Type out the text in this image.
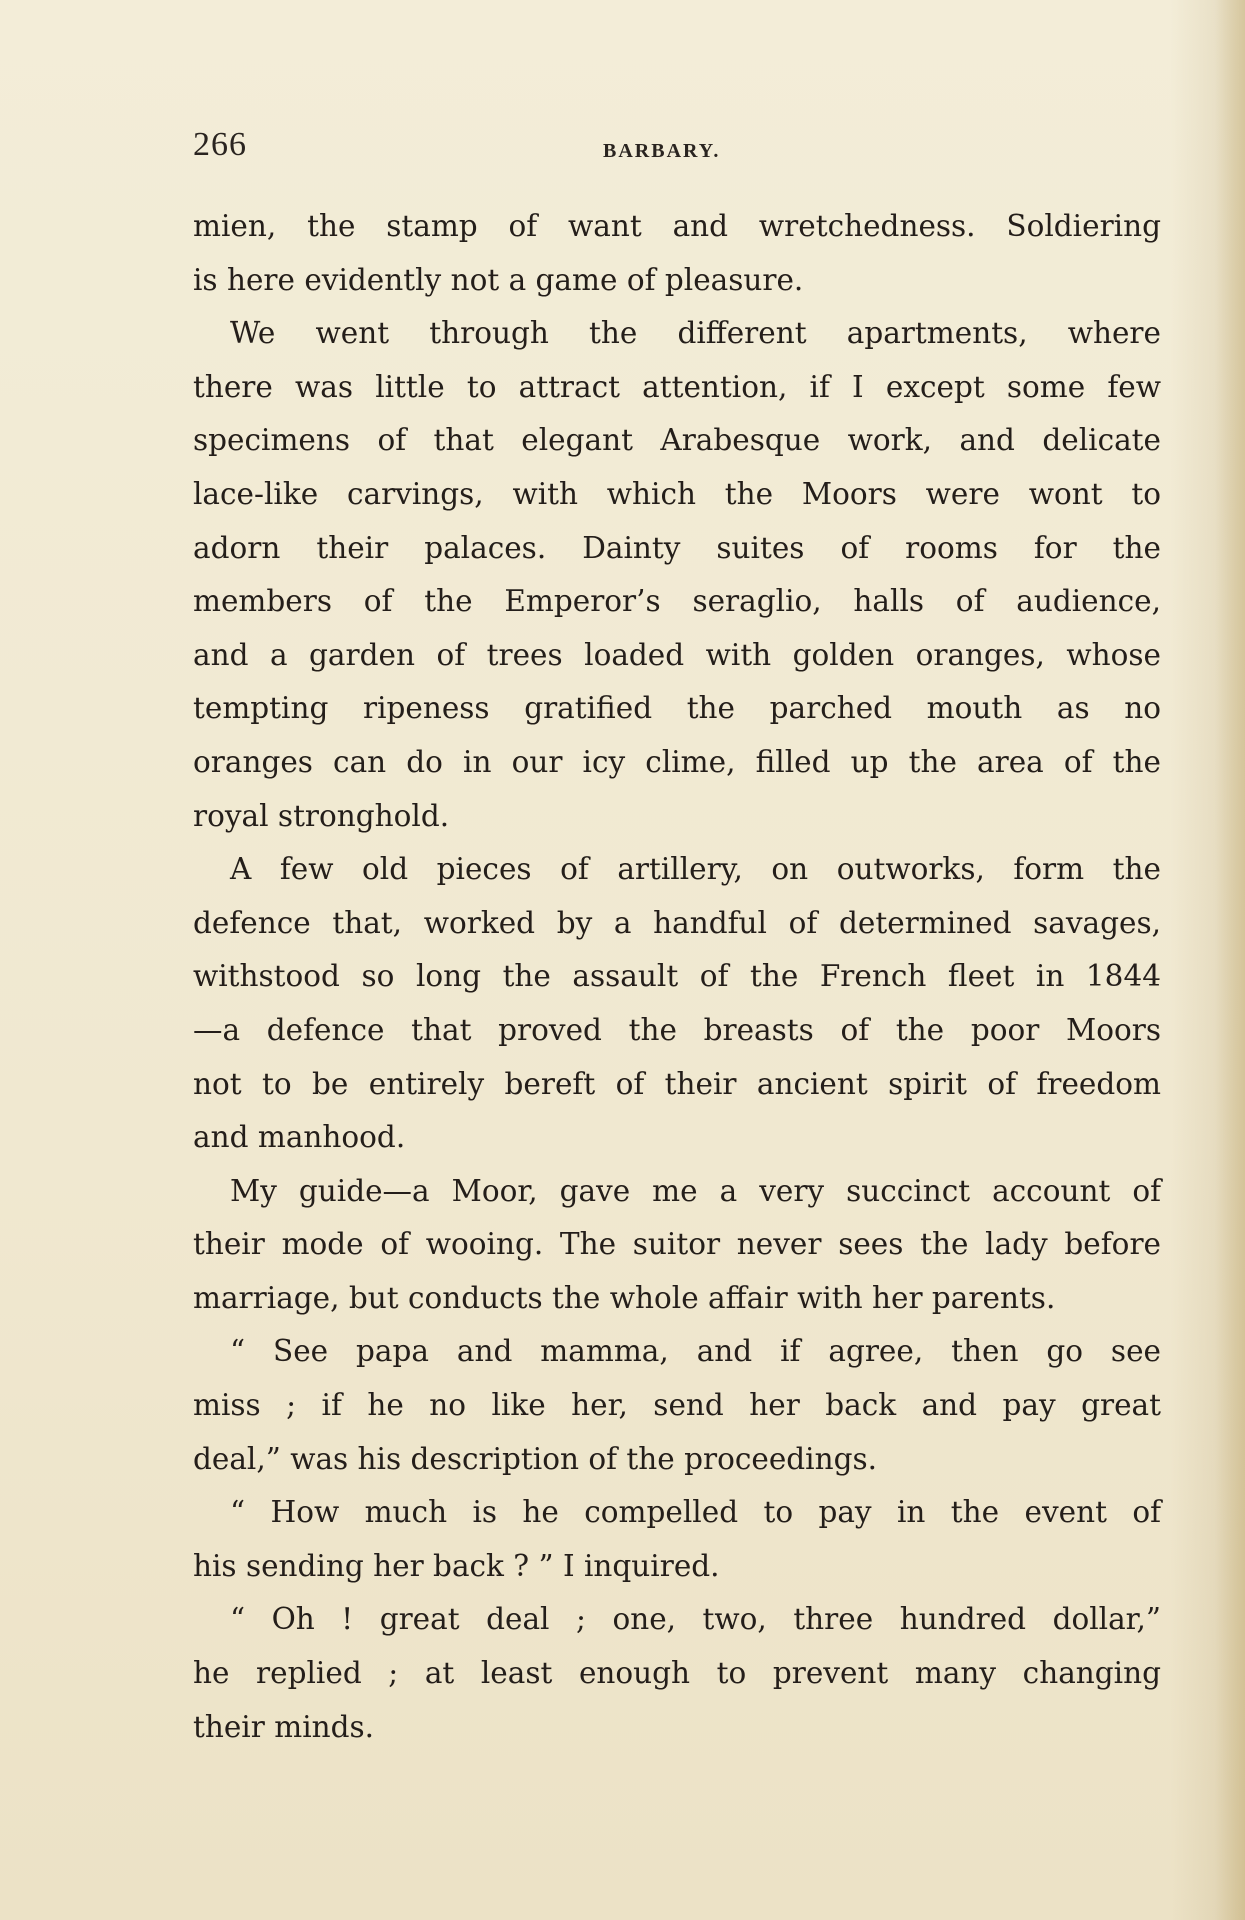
266	BARBARY.
mien, the stamp of want and wretchedness. Soldiering
is here evidently not a game of pleasure.
We went through the different apartments, where
there was little to attract attention, if I except some few
specimens of that elegant Arabesque work, and delicate
lace-like carvings, with which the Moors were wont to
adorn their palaces. Dainty suites of rooms for the
members of the Emperor’s seraglio, halls of audience,
and a garden of trees loaded with golden oranges, whose
tempting ripeness gratified the parched mouth as no
oranges can do in our icy clime, filled up the area of the
royal stronghold.
A few old pieces of artillery, on outworks, form the
defence that, worked by a handful of determined savages,
withstood so long the assault of the French fleet in 1844
—a defence that proved the breasts of the poor Moors
not to be entirely bereft of their ancient spirit of freedom
and manhood.
My guide—a Moor, gave me a very succinct account of
their mode of wooing. The suitor never sees the lady before
marriage, but conducts the whole affair with her parents.
“ See papa and mamma, and if agree, then go see
miss ; if he no like her, send her back and pay great
deal,” was his description of the proceedings.
“ How much is he compelled to pay in the event of
his sending her back ? ” I inquired.
“ Oh ! great deal ; one, two, three hundred dollar,”
he replied ; at least enough to prevent many changing
their minds.
